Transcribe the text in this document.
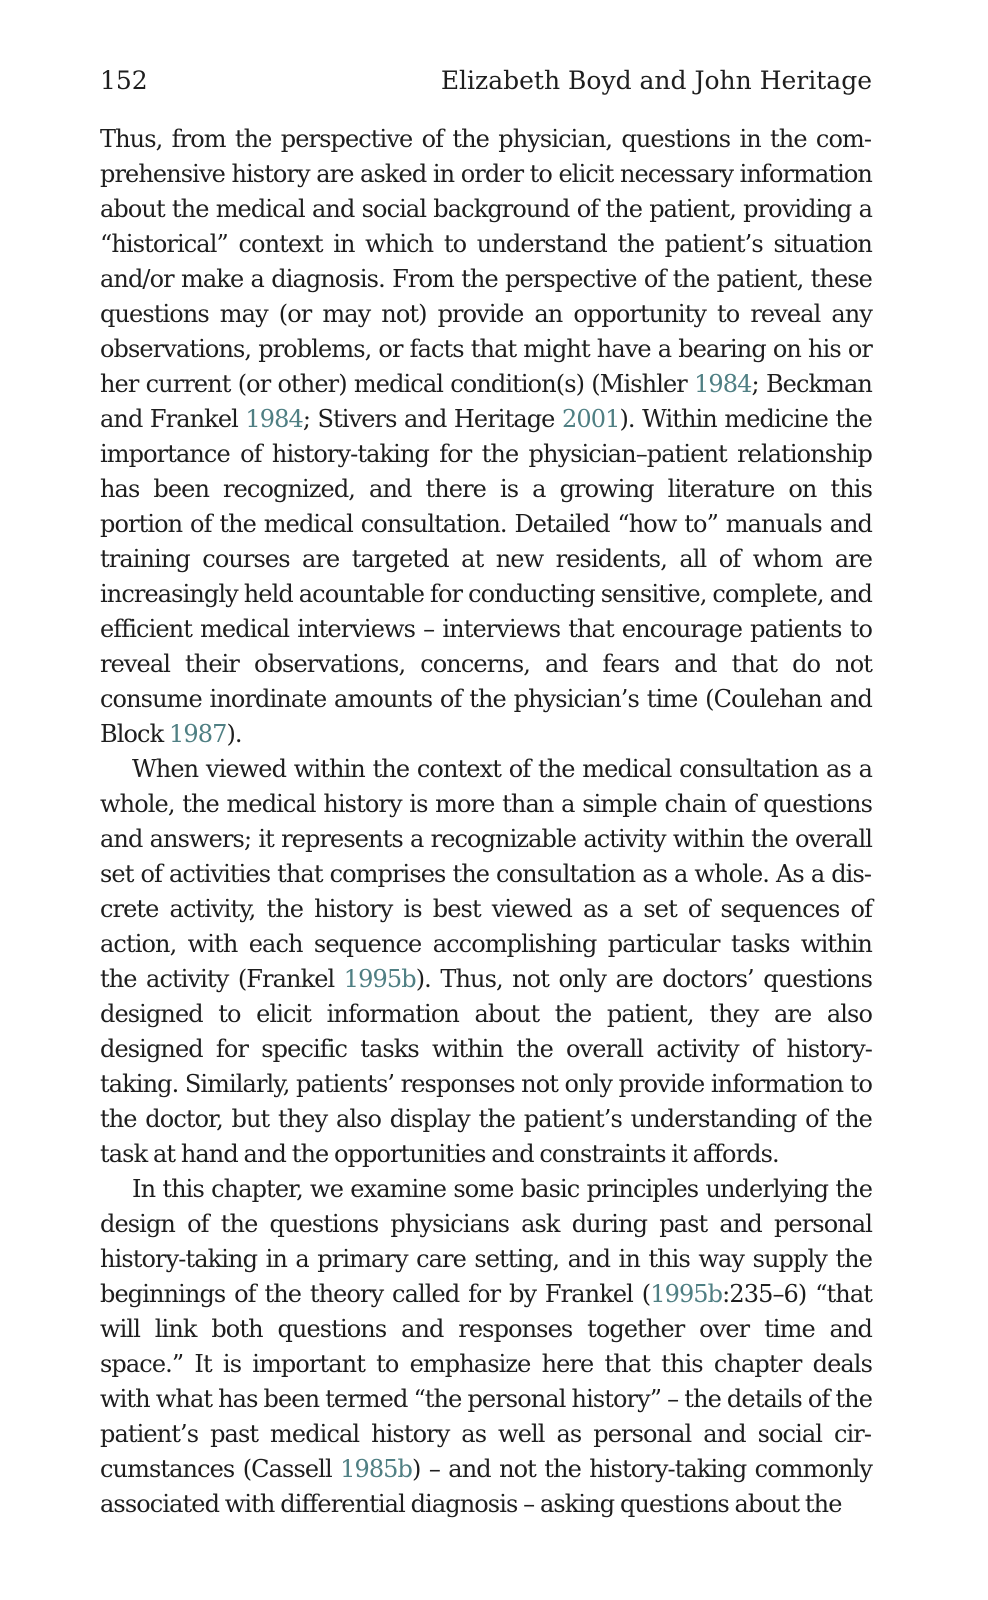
152	Elizabeth Boyd and John Heritage

Thus, from the perspective of the physician, questions in the comprehensive history are asked in order to elicit necessary information about the medical and social background of the patient, providing a “historical” context in which to understand the patient’s situation and/or make a diagnosis. From the perspective of the patient, these questions may (or may not) provide an opportunity to reveal any observations, problems, or facts that might have a bearing on his or her current (or other) medical condition(s) (Mishler 1984; Beckman and Frankel 1984; Stivers and Heritage 2001). Within medicine the importance of history-taking for the physician–patient relationship has been recognized, and there is a growing literature on this portion of the medical consultation. Detailed “how to” manuals and training courses are targeted at new residents, all of whom are increasingly held acountable for conducting sensitive, complete, and efficient medical interviews – interviews that encourage patients to reveal their observations, concerns, and fears and that do not consume inordinate amounts of the physician’s time (Coulehan and Block 1987).

When viewed within the context of the medical consultation as a whole, the medical history is more than a simple chain of questions and answers; it represents a recognizable activity within the overall set of activities that comprises the consultation as a whole. As a discrete activity, the history is best viewed as a set of sequences of action, with each sequence accomplishing particular tasks within the activity (Frankel 1995b). Thus, not only are doctors’ questions designed to elicit information about the patient, they are also designed for specific tasks within the overall activity of history-taking. Similarly, patients’ responses not only provide information to the doctor, but they also display the patient’s understanding of the task at hand and the opportunities and constraints it affords.

In this chapter, we examine some basic principles underlying the design of the questions physicians ask during past and personal history-taking in a primary care setting, and in this way supply the beginnings of the theory called for by Frankel (1995b:235–6) “that will link both questions and responses together over time and space.” It is important to emphasize here that this chapter deals with what has been termed “the personal history” – the details of the patient’s past medical history as well as personal and social circumstances (Cassell 1985b) – and not the history-taking commonly associated with differential diagnosis – asking questions about the
